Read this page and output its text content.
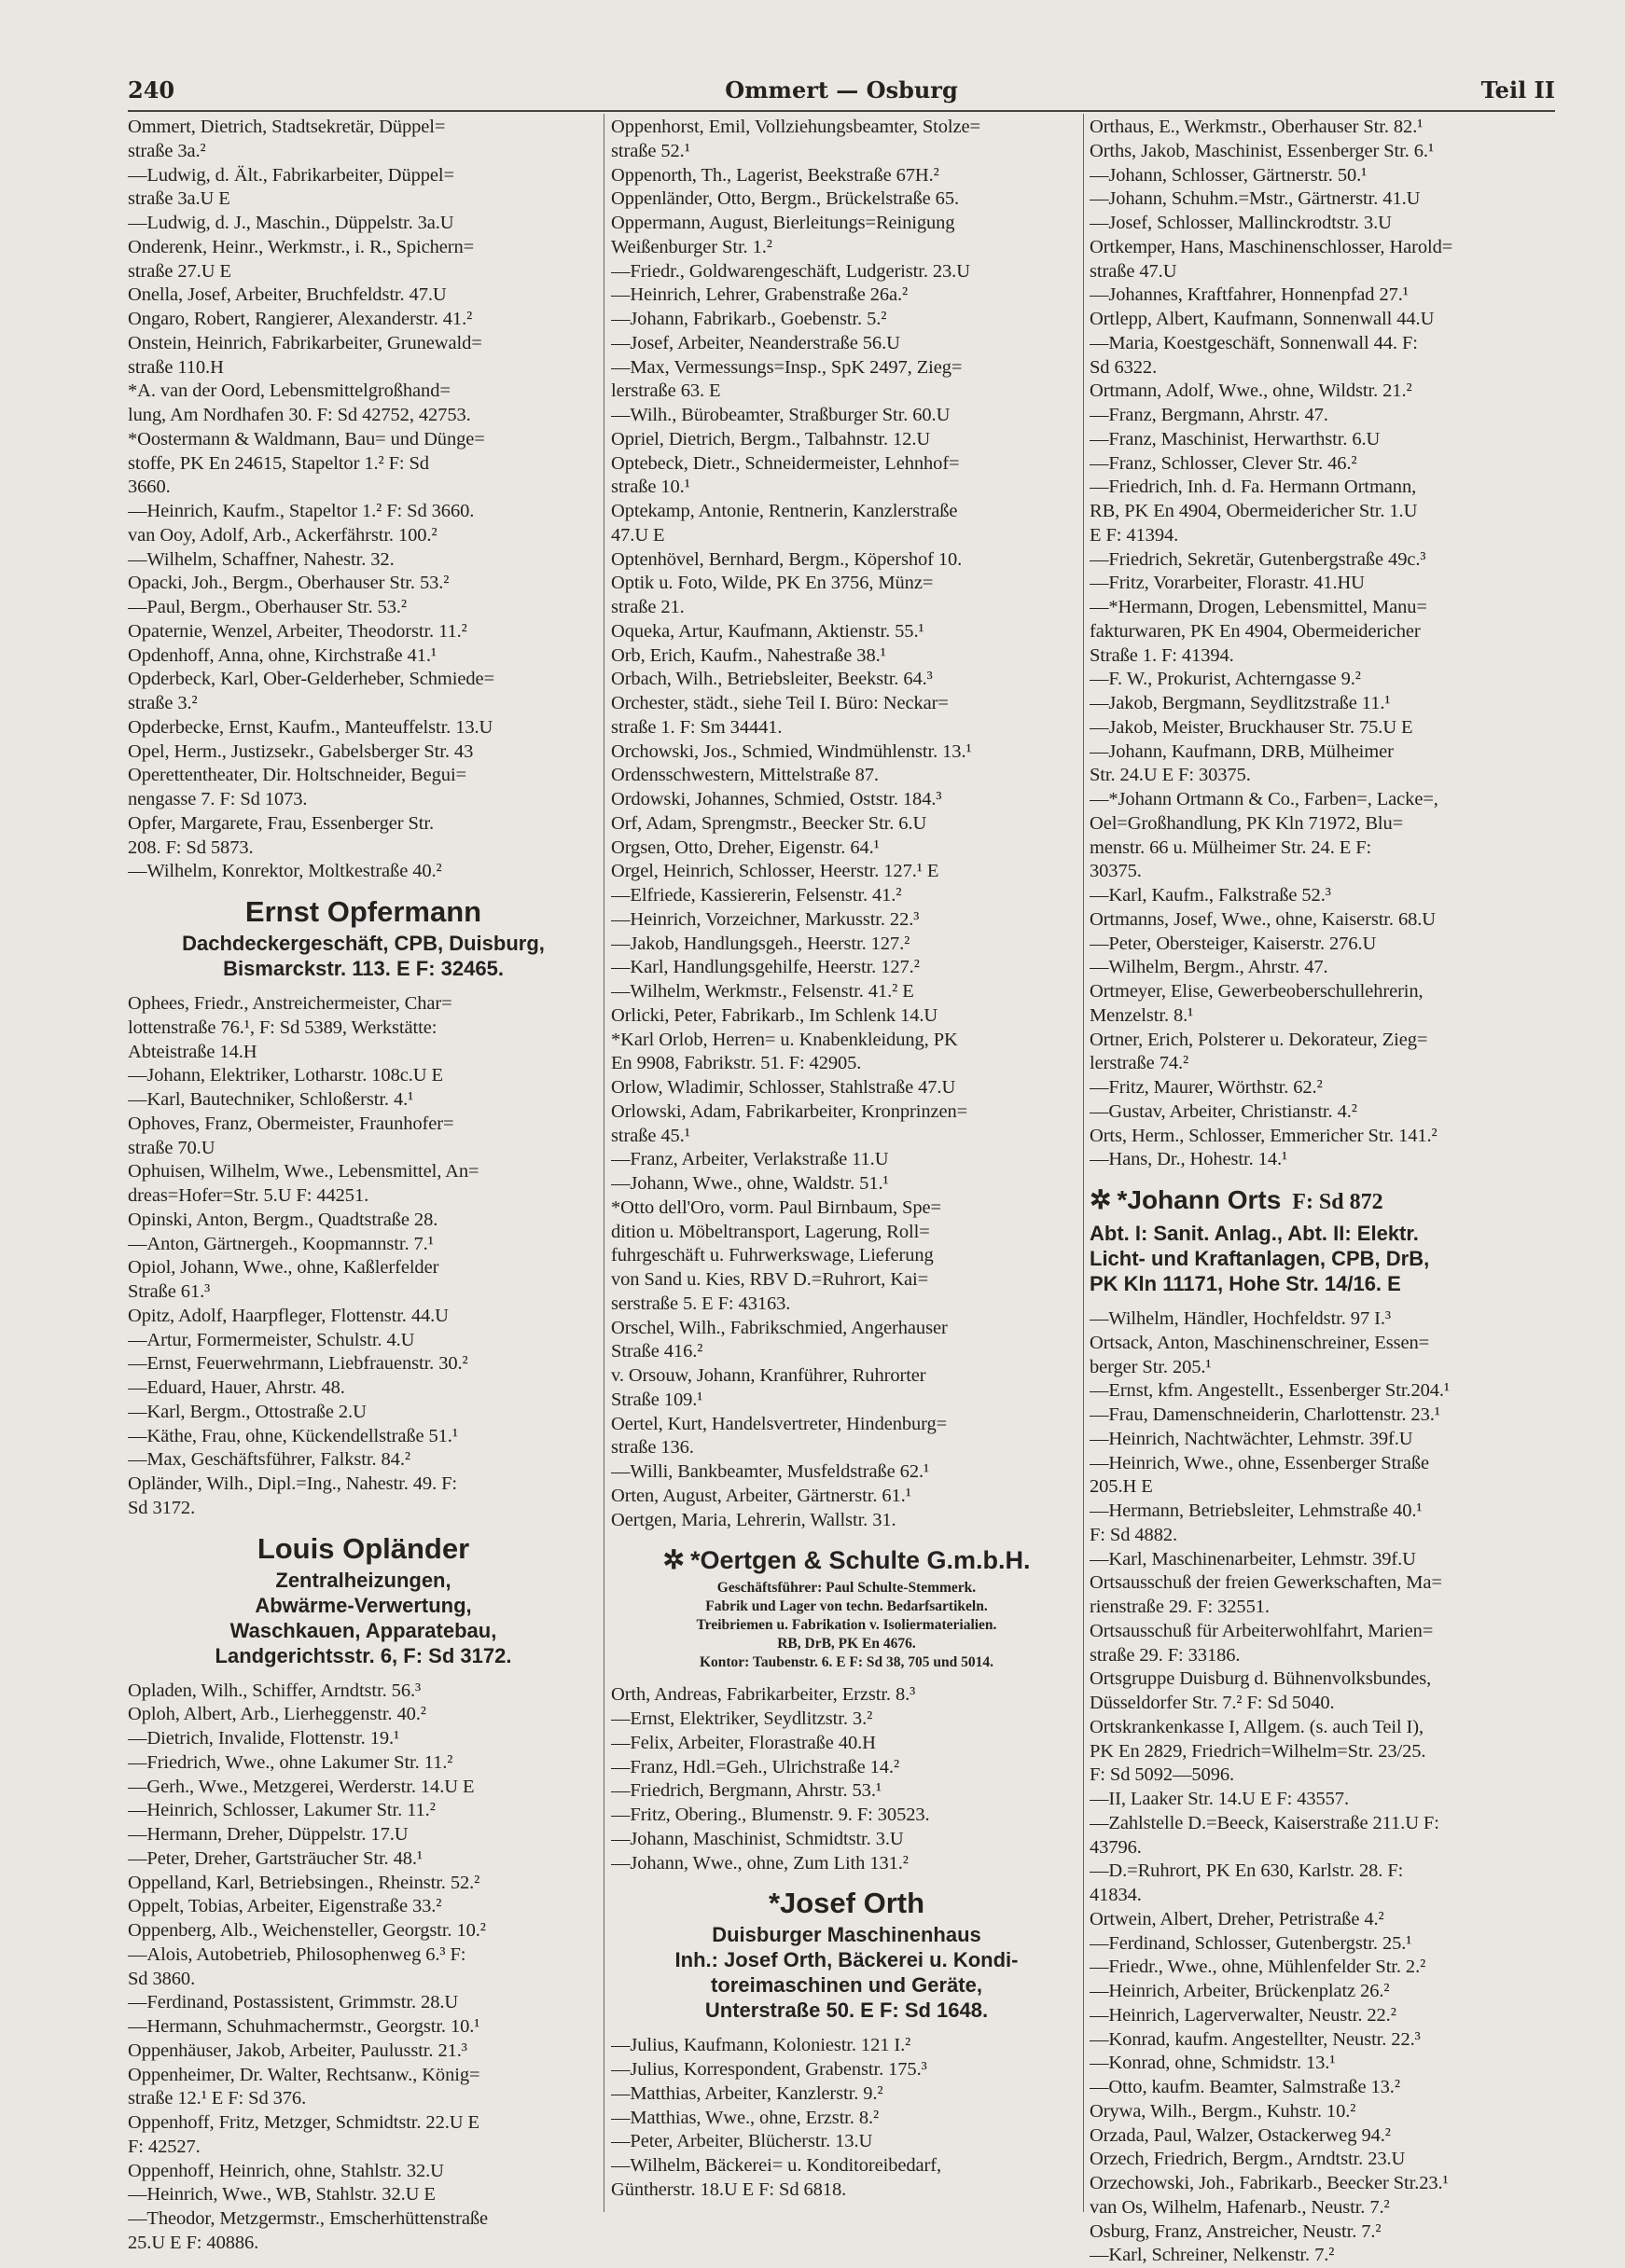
240	Ommert — Osburg	Teil II
Ommert, Dietrich, Stadtsekretär, Düppel=
straße 3a.²
—Ludwig, d. Ält., Fabrikarbeiter, Düppel=
straße 3a.U E
—Ludwig, d. J., Maschin., Düppelstr. 3a.U
Onderenk, Heinr., Werkmstr., i. R., Spichern=
straße 27.U E
Onella, Josef, Arbeiter, Bruchfeldstr. 47.U
Ongaro, Robert, Rangierer, Alexanderstr. 41.²
Onstein, Heinrich, Fabrikarbeiter, Grunewald=
straße 110.H
*A. van der Oord, Lebensmittelgroßhand=
lung, Am Nordhafen 30. F: Sd 42752, 42753.
*Oostermann & Waldmann, Bau= und Dünge=
stoffe, PK En 24615, Stapeltor 1.² F: Sd
3660.
—Heinrich, Kaufm., Stapeltor 1.² F: Sd 3660.
van Ooy, Adolf, Arb., Ackerfährstr. 100.²
—Wilhelm, Schaffner, Nahestr. 32.
Opacki, Joh., Bergm., Oberhauser Str. 53.²
—Paul, Bergm., Oberhauser Str. 53.²
Opaternie, Wenzel, Arbeiter, Theodorstr. 11.²
Opdenhoff, Anna, ohne, Kirchstraße 41.¹
Opderbeck, Karl, Ober-Gelderheber, Schmiede=
straße 3.²
Opderbecke, Ernst, Kaufm., Manteuffelstr. 13.U
Opel, Herm., Justizsekr., Gabelsberger Str. 43
Operettentheater, Dir. Holtschneider, Begui=
nengasse 7. F: Sd 1073.
Opfer, Margarete, Frau, Essenberger Str.
208. F: Sd 5873.
—Wilhelm, Konrektor, Moltkestraße 40.²
Ernst Opfermann
Dachdeckergeschäft, CPB, Duisburg,
Bismarckstr. 113. E F: 32465.
Ophees, Friedr., Anstreichermeister, Char=
lottenstraße 76.¹, F: Sd 5389, Werkstätte:
Abteistraße 14.H
—Johann, Elektriker, Lotharstr. 108c.U E
—Karl, Bautechniker, Schloßerstr. 4.¹
Ophoves, Franz, Obermeister, Fraunhofer=
straße 70.U
Ophuisen, Wilhelm, Wwe., Lebensmittel, An=
dreas=Hofer=Str. 5.U F: 44251.
Opinski, Anton, Bergm., Quadtstraße 28.
—Anton, Gärtnergeh., Koopmannstr. 7.¹
Opiol, Johann, Wwe., ohne, Kaßlerfelder
Straße 61.³
Opitz, Adolf, Haarpfleger, Flottenstr. 44.U
—Artur, Formermeister, Schulstr. 4.U
—Ernst, Feuerwehrmann, Liebfrauenstr. 30.²
—Eduard, Hauer, Ahrstr. 48.
—Karl, Bergm., Ottostraße 2.U
—Käthe, Frau, ohne, Kückendellstraße 51.¹
—Max, Geschäftsführer, Falkstr. 84.²
Opländer, Wilh., Dipl.=Ing., Nahestr. 49. F:
Sd 3172.
Louis Opländer
Zentralheizungen,
Abwärme-Verwertung,
Waschkauen, Apparatebau,
Landgerichtsstr. 6, F: Sd 3172.
Opladen, Wilh., Schiffer, Arndtstr. 56.³
Oploh, Albert, Arb., Lierheggenstr. 40.²
—Dietrich, Invalide, Flottenstr. 19.¹
—Friedrich, Wwe., ohne Lakumer Str. 11.²
—Gerh., Wwe., Metzgerei, Werderstr. 14.U E
—Heinrich, Schlosser, Lakumer Str. 11.²
—Hermann, Dreher, Düppelstr. 17.U
—Peter, Dreher, Gartsträucher Str. 48.¹
Oppelland, Karl, Betriebsingen., Rheinstr. 52.²
Oppelt, Tobias, Arbeiter, Eigenstraße 33.²
Oppenberg, Alb., Weichensteller, Georgstr. 10.²
—Alois, Autobetrieb, Philosophenweg 6.³ F:
Sd 3860.
—Ferdinand, Postassistent, Grimmstr. 28.U
—Hermann, Schuhmachermstr., Georgstr. 10.¹
Oppenhäuser, Jakob, Arbeiter, Paulusstr. 21.³
Oppenheimer, Dr. Walter, Rechtsanw., König=
straße 12.¹ E F: Sd 376.
Oppenhoff, Fritz, Metzger, Schmidtstr. 22.U E
F: 42527.
Oppenhoff, Heinrich, ohne, Stahlstr. 32.U
—Heinrich, Wwe., WB, Stahlstr. 32.U E
—Theodor, Metzgermstr., Emscherhüttenstraße
25.U E F: 40886.
Oppenhorst, Emil, Vollziehungsbeamter, Stolze=
straße 52.¹
Oppenorth, Th., Lagerist, Beekstraße 67H.²
Oppenländer, Otto, Bergm., Brückelstraße 65.
Oppermann, August, Bierleitungs=Reinigung
Weißenburger Str. 1.²
—Friedr., Goldwarengeschäft, Ludgeristr. 23.U
—Heinrich, Lehrer, Grabenstraße 26a.²
—Johann, Fabrikarb., Goebenstr. 5.²
—Josef, Arbeiter, Neanderstraße 56.U
—Max, Vermessungs=Insp., SpK 2497, Zieg=
lerstraße 63. E
—Wilh., Bürobeamter, Straßburger Str. 60.U
Opriel, Dietrich, Bergm., Talbahnstr. 12.U
Optebeck, Dietr., Schneidermeister, Lehnhof=
straße 10.¹
Optekamp, Antonie, Rentnerin, Kanzlerstraße
47.U E
Optenhövel, Bernhard, Bergm., Köpershof 10.
Optik u. Foto, Wilde, PK En 3756, Münz=
straße 21.
Oqueka, Artur, Kaufmann, Aktienstr. 55.¹
Orb, Erich, Kaufm., Nahestraße 38.¹
Orbach, Wilh., Betriebsleiter, Beekstr. 64.³
Orchester, städt., siehe Teil I. Büro: Neckar=
straße 1. F: Sm 34441.
Orchowski, Jos., Schmied, Windmühlenstr. 13.¹
Ordensschwestern, Mittelstraße 87.
Ordowski, Johannes, Schmied, Oststr. 184.³
Orf, Adam, Sprengmstr., Beecker Str. 6.U
Orgsen, Otto, Dreher, Eigenstr. 64.¹
Orgel, Heinrich, Schlosser, Heerstr. 127.¹ E
—Elfriede, Kassiererin, Felsenstr. 41.²
—Heinrich, Vorzeichner, Markusstr. 22.³
—Jakob, Handlungsgeh., Heerstr. 127.²
—Karl, Handlungsgehilfe, Heerstr. 127.²
—Wilhelm, Werkmstr., Felsenstr. 41.² E
Orlicki, Peter, Fabrikarb., Im Schlenk 14.U
*Karl Orlob, Herren= u. Knabenkleidung, PK
En 9908, Fabrikstr. 51. F: 42905.
Orlow, Wladimir, Schlosser, Stahlstraße 47.U
Orlowski, Adam, Fabrikarbeiter, Kronprinzen=
straße 45.¹
—Franz, Arbeiter, Verlakstraße 11.U
—Johann, Wwe., ohne, Waldstr. 51.¹
*Otto dell'Oro, vorm. Paul Birnbaum, Spe=
dition u. Möbeltransport, Lagerung, Roll=
fuhrgeschäft u. Fuhrwerkswage, Lieferung
von Sand u. Kies, RBV D.=Ruhrort, Kai=
serstraße 5. E F: 43163.
Orschel, Wilh., Fabrikschmied, Angerhauser
Straße 416.²
v. Orsouw, Johann, Kranführer, Ruhrorter
Straße 109.¹
Oertel, Kurt, Handelsvertreter, Hindenburg=
straße 136.
—Willi, Bankbeamter, Musfeldstraße 62.¹
Orten, August, Arbeiter, Gärtnerstr. 61.¹
Oertgen, Maria, Lehrerin, Wallstr. 31.
✲ *Oertgen & Schulte G.m.b.H.
Geschäftsführer: Paul Schulte-Stemmerk.
Fabrik und Lager von techn. Bedarfsartikeln.
Treibriemen u. Fabrikation v. Isoliermaterialien.
RB, DrB, PK En 4676.
Kontor: Taubenstr. 6. E F: Sd 38, 705 und 5014.
Orth, Andreas, Fabrikarbeiter, Erzstr. 8.³
—Ernst, Elektriker, Seydlitzstr. 3.²
—Felix, Arbeiter, Florastraße 40.H
—Franz, Hdl.=Geh., Ulrichstraße 14.²
—Friedrich, Bergmann, Ahrstr. 53.¹
—Fritz, Obering., Blumenstr. 9. F: 30523.
—Johann, Maschinist, Schmidtstr. 3.U
—Johann, Wwe., ohne, Zum Lith 131.²
*Josef Orth
Duisburger Maschinenhaus
Inh.: Josef Orth, Bäckerei u. Kondi-
toreimaschinen und Geräte,
Unterstraße 50. E F: Sd 1648.
—Julius, Kaufmann, Koloniestr. 121 I.²
—Julius, Korrespondent, Grabenstr. 175.³
—Matthias, Arbeiter, Kanzlerstr. 9.²
—Matthias, Wwe., ohne, Erzstr. 8.²
—Peter, Arbeiter, Blücherstr. 13.U
—Wilhelm, Bäckerei= u. Konditoreibedarf,
Güntherstr. 18.U E F: Sd 6818.
Orthaus, E., Werkmstr., Oberhauser Str. 82.¹
Orths, Jakob, Maschinist, Essenberger Str. 6.¹
—Johann, Schlosser, Gärtnerstr. 50.¹
—Johann, Schuhm.=Mstr., Gärtnerstr. 41.U
—Josef, Schlosser, Mallinckrodtstr. 3.U
Ortkemper, Hans, Maschinenschlosser, Harold=
straße 47.U
—Johannes, Kraftfahrer, Honnenpfad 27.¹
Ortlepp, Albert, Kaufmann, Sonnenwall 44.U
—Maria, Koestgeschäft, Sonnenwall 44. F:
Sd 6322.
Ortmann, Adolf, Wwe., ohne, Wildstr. 21.²
—Franz, Bergmann, Ahrstr. 47.
—Franz, Maschinist, Herwarthstr. 6.U
—Franz, Schlosser, Clever Str. 46.²
—Friedrich, Inh. d. Fa. Hermann Ortmann,
RB, PK En 4904, Obermeidericher Str. 1.U
E F: 41394.
—Friedrich, Sekretär, Gutenbergstraße 49c.³
—Fritz, Vorarbeiter, Florastr. 41.HU
—*Hermann, Drogen, Lebensmittel, Manu=
fakturwaren, PK En 4904, Obermeidericher
Straße 1. F: 41394.
—F. W., Prokurist, Achterngasse 9.²
—Jakob, Bergmann, Seydlitzstraße 11.¹
—Jakob, Meister, Bruckhauser Str. 75.U E
—Johann, Kaufmann, DRB, Mülheimer
Str. 24.U E F: 30375.
—*Johann Ortmann & Co., Farben=, Lacke=,
Oel=Großhandlung, PK Kln 71972, Blu=
menstr. 66 u. Mülheimer Str. 24. E F:
30375.
—Karl, Kaufm., Falkstraße 52.³
Ortmanns, Josef, Wwe., ohne, Kaiserstr. 68.U
—Peter, Obersteiger, Kaiserstr. 276.U
—Wilhelm, Bergm., Ahrstr. 47.
Ortmeyer, Elise, Gewerbeoberschullehrerin,
Menzelstr. 8.¹
Ortner, Erich, Polsterer u. Dekorateur, Zieg=
lerstraße 74.²
—Fritz, Maurer, Wörthstr. 62.²
—Gustav, Arbeiter, Christianstr. 4.²
Orts, Herm., Schlosser, Emmericher Str. 141.²
—Hans, Dr., Hohestr. 14.¹
✲ *Johann Orts F: Sd 872
Abt. I: Sanit. Anlag., Abt. II: Elektr.
Licht- und Kraftanlagen, CPB, DrB,
PK Kln 11171, Hohe Str. 14/16. E
—Wilhelm, Händler, Hochfeldstr. 97 I.³
Ortsack, Anton, Maschinenschreiner, Essen=
berger Str. 205.¹
—Ernst, kfm. Angestellt., Essenberger Str.204.¹
—Frau, Damenschneiderin, Charlottenstr. 23.¹
—Heinrich, Nachtwächter, Lehmstr. 39f.U
—Heinrich, Wwe., ohne, Essenberger Straße
205.H E
—Hermann, Betriebsleiter, Lehmstraße 40.¹
F: Sd 4882.
—Karl, Maschinenarbeiter, Lehmstr. 39f.U
Ortsausschuß der freien Gewerkschaften, Ma=
rienstraße 29. F: 32551.
Ortsausschuß für Arbeiterwohlfahrt, Marien=
straße 29. F: 33186.
Ortsgruppe Duisburg d. Bühnenvolksbundes,
Düsseldorfer Str. 7.² F: Sd 5040.
Ortskrankenkasse I, Allgem. (s. auch Teil I),
PK En 2829, Friedrich=Wilhelm=Str. 23/25.
F: Sd 5092—5096.
—II, Laaker Str. 14.U E F: 43557.
—Zahlstelle D.=Beeck, Kaiserstraße 211.U F:
43796.
—D.=Ruhrort, PK En 630, Karlstr. 28. F:
41834.
Ortwein, Albert, Dreher, Petristraße 4.²
—Ferdinand, Schlosser, Gutenbergstr. 25.¹
—Friedr., Wwe., ohne, Mühlenfelder Str. 2.²
—Heinrich, Arbeiter, Brückenplatz 26.²
—Heinrich, Lagerverwalter, Neustr. 22.²
—Konrad, kaufm. Angestellter, Neustr. 22.³
—Konrad, ohne, Schmidstr. 13.¹
—Otto, kaufm. Beamter, Salmstraße 13.²
Orywa, Wilh., Bergm., Kuhstr. 10.²
Orzada, Paul, Walzer, Ostackerweg 94.²
Orzech, Friedrich, Bergm., Arndtstr. 23.U
Orzechowski, Joh., Fabrikarb., Beecker Str.23.¹
van Os, Wilhelm, Hafenarb., Neustr. 7.²
Osburg, Franz, Anstreicher, Neustr. 7.²
—Karl, Schreiner, Nelkenstr. 7.²
